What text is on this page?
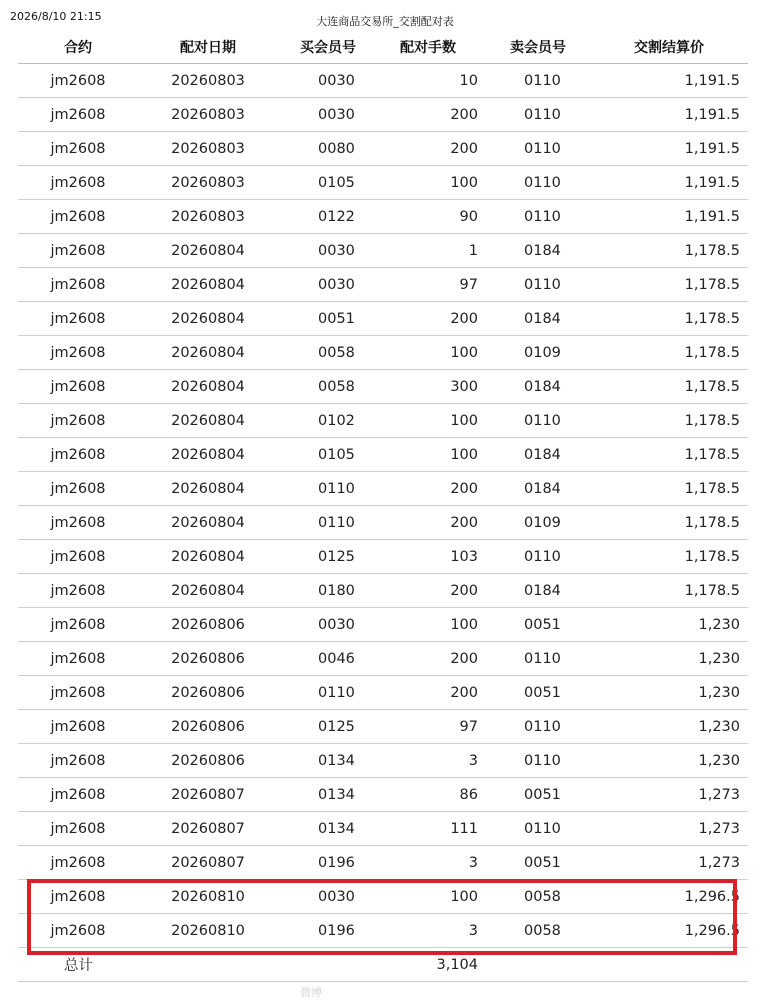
2026/8/10 21:15	大连商品交易所_交割配对表
合约	配对日期	买会员号	配对手数	卖会员号	交割结算价
jm2608	20260803	0030	10	0110	1,191.5
jm2608	20260803	0030	200	0110	1,191.5
jm2608	20260803	0080	200	0110	1,191.5
jm2608	20260803	0105	100	0110	1,191.5
jm2608	20260803	0122	90	0110	1,191.5
jm2608	20260804	0030	1	0184	1,178.5
jm2608	20260804	0030	97	0110	1,178.5
jm2608	20260804	0051	200	0184	1,178.5
jm2608	20260804	0058	100	0109	1,178.5
jm2608	20260804	0058	300	0184	1,178.5
jm2608	20260804	0102	100	0110	1,178.5
jm2608	20260804	0105	100	0184	1,178.5
jm2608	20260804	0110	200	0184	1,178.5
jm2608	20260804	0110	200	0109	1,178.5
jm2608	20260804	0125	103	0110	1,178.5
jm2608	20260804	0180	200	0184	1,178.5
jm2608	20260806	0030	100	0051	1,230
jm2608	20260806	0046	200	0110	1,230
jm2608	20260806	0110	200	0051	1,230
jm2608	20260806	0125	97	0110	1,230
jm2608	20260806	0134	3	0110	1,230
jm2608	20260807	0134	86	0051	1,273
jm2608	20260807	0134	111	0110	1,273
jm2608	20260807	0196	3	0051	1,273
jm2608	20260810	0030	100	0058	1,296.5
jm2608	20260810	0196	3	0058	1,296.5
总计			3,104		
微博
